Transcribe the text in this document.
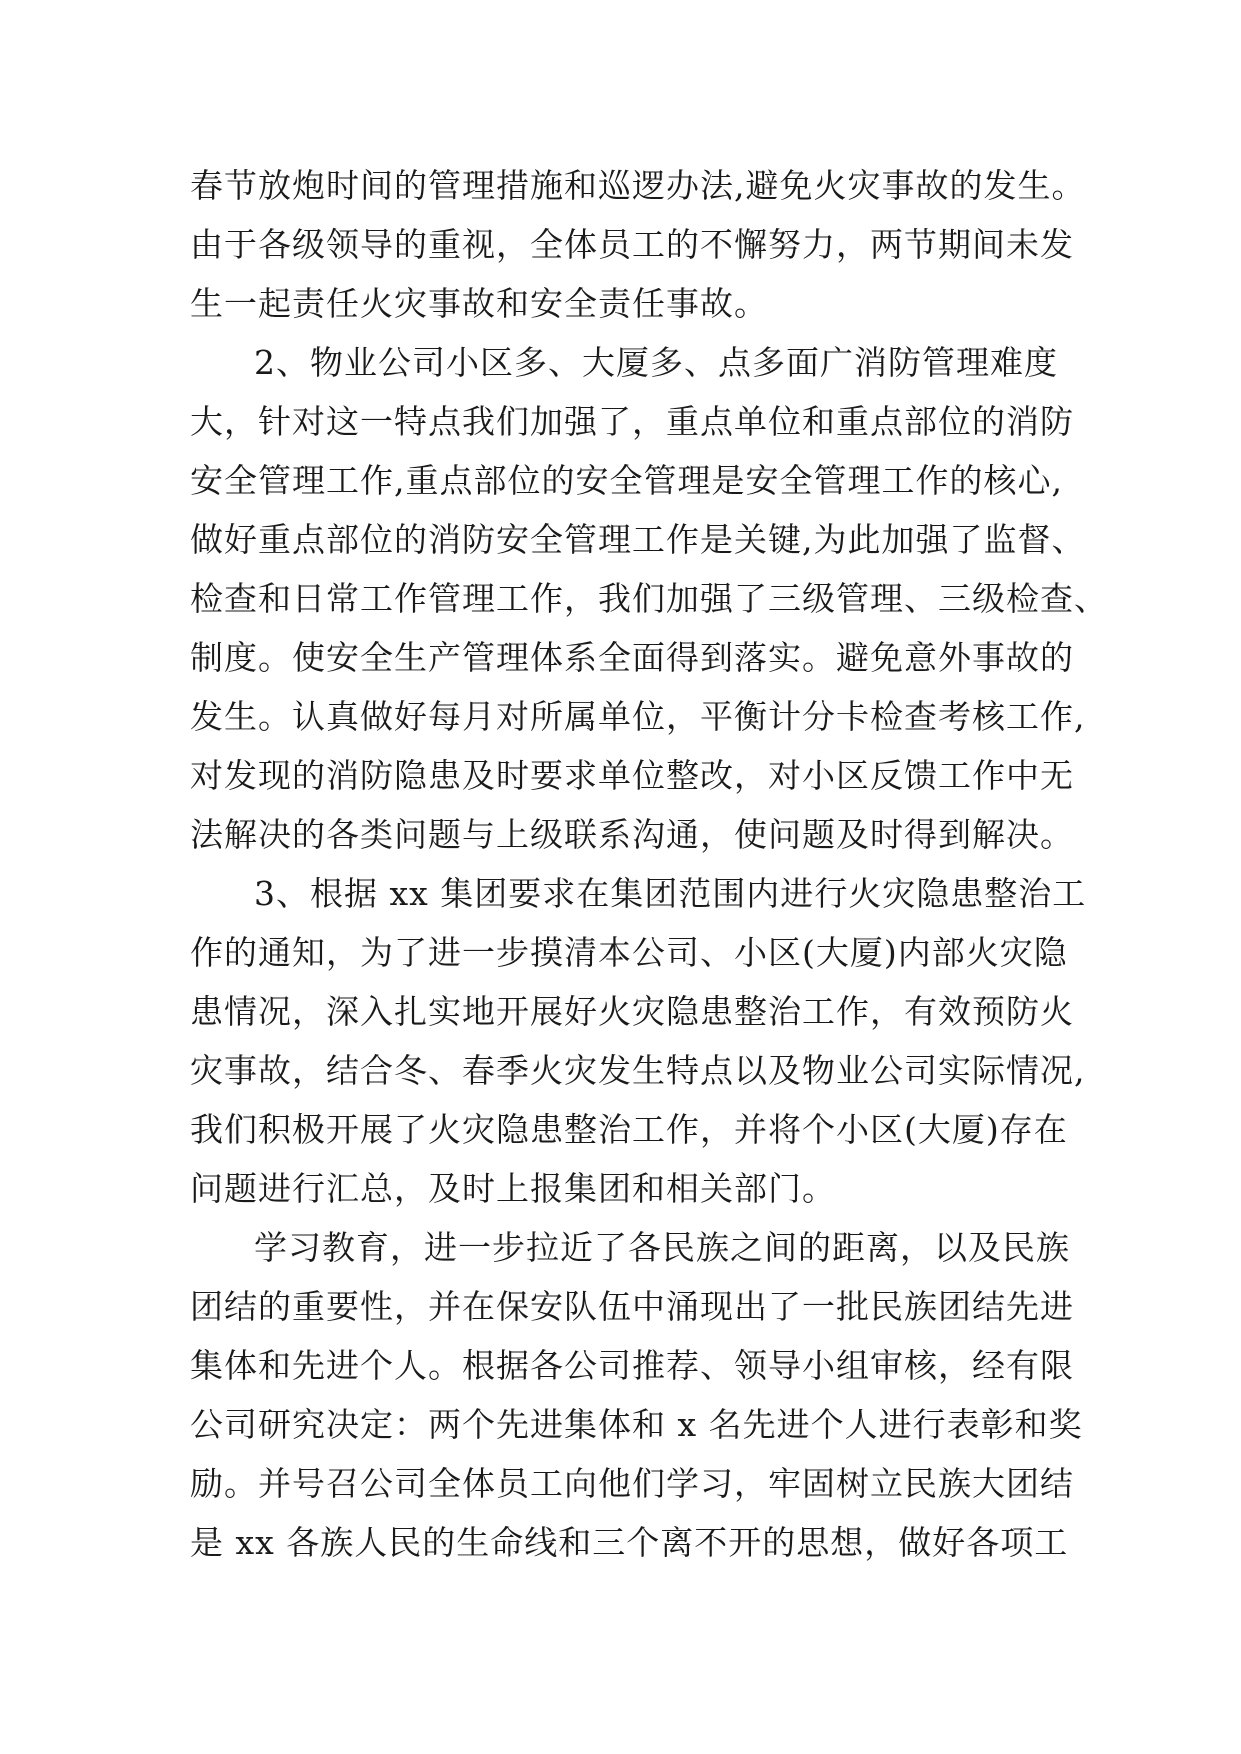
春节放炮时间的管理措施和巡逻办法,避免火灾事故的发生。
由于各级领导的重视，全体员工的不懈努力，两节期间未发
生一起责任火灾事故和安全责任事故。
2、物业公司小区多、大厦多、点多面广消防管理难度
大，针对这一特点我们加强了，重点单位和重点部位的消防
安全管理工作,重点部位的安全管理是安全管理工作的核心,
做好重点部位的消防安全管理工作是关键,为此加强了监督、
检查和日常工作管理工作，我们加强了三级管理、三级检查、
制度。使安全生产管理体系全面得到落实。避免意外事故的
发生。认真做好每月对所属单位，平衡计分卡检查考核工作,
对发现的消防隐患及时要求单位整改，对小区反馈工作中无
法解决的各类问题与上级联系沟通，使问题及时得到解决。
3、根据 xx 集团要求在集团范围内进行火灾隐患整治工
作的通知，为了进一步摸清本公司、小区(大厦)内部火灾隐
患情况，深入扎实地开展好火灾隐患整治工作，有效预防火
灾事故，结合冬、春季火灾发生特点以及物业公司实际情况,
我们积极开展了火灾隐患整治工作，并将个小区(大厦)存在
问题进行汇总，及时上报集团和相关部门。
学习教育，进一步拉近了各民族之间的距离，以及民族
团结的重要性，并在保安队伍中涌现出了一批民族团结先进
集体和先进个人。根据各公司推荐、领导小组审核，经有限
公司研究决定：两个先进集体和 x 名先进个人进行表彰和奖
励。并号召公司全体员工向他们学习，牢固树立民族大团结
是 xx 各族人民的生命线和三个离不开的思想，做好各项工
